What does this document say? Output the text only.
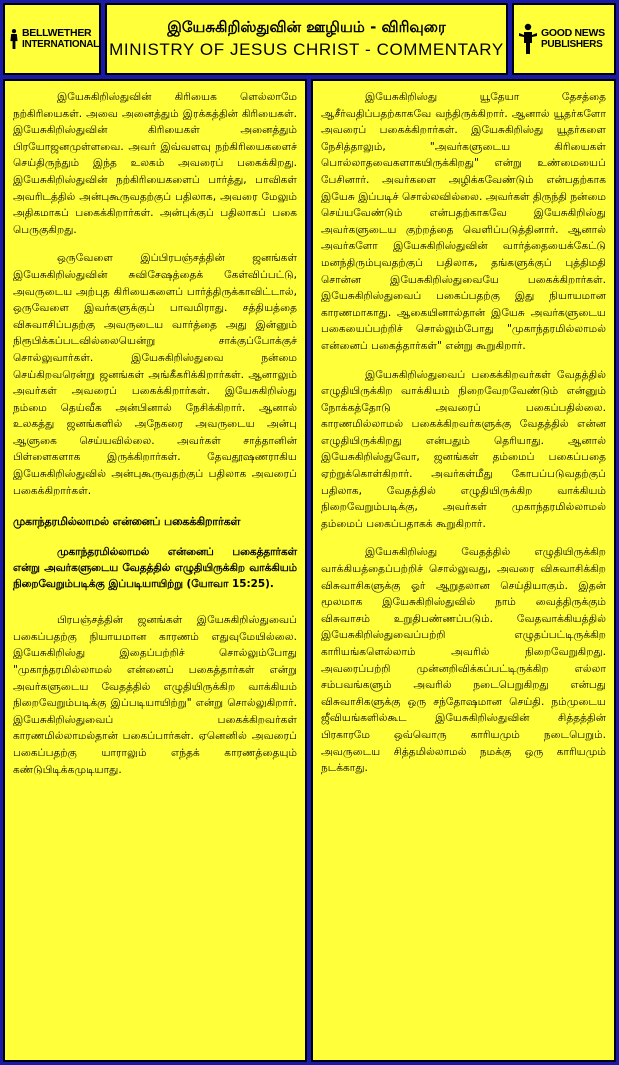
BELLWETHER
INTERNATIONAL
இயேசுகிறிஸ்துவின் ஊழியம் - விரிவுரை
MINISTRY OF JESUS CHRIST - COMMENTARY
GOOD NEWS
PUBLISHERS

இயேசுகிறிஸ்துவின் கிரியைக ளெல்லாமே நற்கிரியைகள். அவை அனைத்தும் இரக்கத்தின் கிரியைகள். இயேசுகிறிஸ்துவின் கிரியைகள் அனைத்தும் பிரயோஜனமுள்ளவை. அவர் இவ்வளவு நற்கிரியைகளைச் செய்திருந்தும் இந்த உலகம் அவரைப் பகைக்கிறது. இயேசுகிறிஸ்துவின் நற்கிரியைகளைப் பார்த்து, பாவிகள் அவரிடத்தில் அன்புகூருவதற்குப் பதிலாக, அவரை மேலும் அதிகமாகப் பகைக்கிறார்கள். அன்புக்குப் பதிலாகப் பகை பெருகுகிறது.

ஒருவேளை இப்பிரபஞ்சத்தின் ஜனங்கள் இயேசுகிறிஸ்துவின் சுவிசேஷத்தைக் கேள்விப்பட்டு, அவருடைய அற்புத கிரியைகளைப் பார்த்திருக்காவிட்டால், ஒருவேளை இவர்களுக்குப் பாவமிராது. சத்தியத்தை விசுவாசிப்பதற்கு அவருடைய வார்த்தை அது இன்னும் நிரூபிக்கப்படவில்லையென்று சாக்குப்போக்குச் சொல்லுவார்கள். இயேசுகிறிஸ்துவை நன்மை செய்கிறவரென்று ஜனங்கள் அங்கீகரிக்கிறார்கள். ஆனாலும் அவர்கள் அவரைப் பகைக்கிறார்கள். இயேசுகிறிஸ்து நம்மை தெய்வீக அன்பினால் நேசிக்கிறார். ஆனால் உலகத்து ஜனங்களில் அநேகரை அவருடைய அன்பு ஆளுகை செய்யவில்லை. அவர்கள் சாத்தானின் பிள்ளைகளாக இருக்கிறார்கள். தேவதூஷணராகிய இயேசுகிறிஸ்துவில் அன்புகூருவதற்குப் பதிலாக அவரைப் பகைக்கிறார்கள்.

முகாந்தரமில்லாமல் என்னைப் பகைக்கிறார்கள்

முகாந்தரமில்லாமல் என்னைப் பகைத்தார்கள் என்று அவர்களுடைய வேதத்தில் எழுதியிருக்கிற வாக்கியம் நிறைவேறும்படிக்கு இப்படியாயிற்று (யோவா 15:25).

பிரபஞ்சத்தின் ஜனங்கள் இயேசுகிறிஸ்துவைப் பகைப்பதற்கு நியாயமான காரணம் எதுவுமேயில்லை. இயேசுகிறிஸ்து இதைப்பற்றிச் சொல்லும்போது "முகாந்தரமில்லாமல் என்னைப் பகைத்தார்கள் என்று அவர்களுடைய வேதத்தில் எழுதியிருக்கிற வாக்கியம் நிறைவேறும்படிக்கு இப்படியாயிற்று" என்று சொல்லுகிறார். இயேசுகிறிஸ்துவைப் பகைக்கிறவர்கள் காரணமில்லாமல்தான் பகைப்பார்கள். ஏனெனில் அவரைப் பகைப்பதற்கு யாராலும் எந்தக் காரணத்தையும் கண்டுபிடிக்கமுடியாது.

இயேசுகிறிஸ்து யூதேயா தேசத்தை ஆசீர்வதிப்பதற்காகவே வந்திருக்கிறார். ஆனால் யூதர்களோ அவரைப் பகைக்கிறார்கள். இயேசுகிறிஸ்து யூதர்களை நேசித்தாலும், "அவர்களுடைய கிரியைகள் பொல்லாதவைகளாகயிருக்கிறது" என்று உண்மையைப் பேசினார். அவர்களை அழிக்கவேண்டும் என்பதற்காக இயேசு இப்படிச் சொல்லவில்லை. அவர்கள் திருந்தி நன்மை செய்யவேண்டும் என்பதற்காகவே இயேசுகிறிஸ்து அவர்களுடைய குற்றத்தை வெளிப்படுத்தினார். ஆனால் அவர்களோ இயேசுகிறிஸ்துவின் வார்த்தையைக்கேட்டு மனந்திரும்புவதற்குப் பதிலாக, தங்களுக்குப் புத்திமதி சொன்ன இயேசுகிறிஸ்துவையே பகைக்கிறார்கள். இயேசுகிறிஸ்துவைப் பகைப்பதற்கு இது நியாயமான காரணமாகாது. ஆகையினால்தான் இயேசு அவர்களுடைய பகையைப்பற்றிச் சொல்லும்போது "முகாந்தரமில்லாமல் என்னைப் பகைத்தார்கள்" என்று கூறுகிறார்.

இயேசுகிறிஸ்துவைப் பகைக்கிறவர்கள் வேதத்தில் எழுதியிருக்கிற வாக்கியம் நிறைவேறவேண்டும் என்னும் நோக்கத்தோடு அவரைப் பகைப்பதில்லை. காரணமில்லாமல் பகைக்கிறவர்களுக்கு வேதத்தில் என்ன எழுதியிருக்கிறது என்பதும் தெரியாது. ஆனால் இயேசுகிறிஸ்துவோ, ஜனங்கள் தம்மைப் பகைப்பதை ஏற்றுக்கொள்கிறார். அவர்கள்மீது கோபப்படுவதற்குப் பதிலாக, வேதத்தில் எழுதியிருக்கிற வாக்கியம் நிறைவேறும்படிக்கு, அவர்கள் முகாந்தரமில்லாமல் தம்மைப் பகைப்பதாகக் கூறுகிறார்.

இயேசுகிறிஸ்து வேதத்தில் எழுதியிருக்கிற வாக்கியத்தைப்பற்றிச் சொல்லுவது, அவரை விசுவாசிக்கிற விசுவாசிகளுக்கு ஓர் ஆறுதலான செய்தியாகும். இதன் மூலமாக இயேசுகிறிஸ்துவில் நாம் வைத்திருக்கும் விசுவாசம் உறுதிபண்ணப்படும். வேதவாக்கியத்தில் இயேசுகிறிஸ்துவைப்பற்றி எழுதப்பட்டிருக்கிற காரியங்களெல்லாம் அவரில் நிறைவேறுகிறது. அவரைப்பற்றி முன்னறிவிக்கப்பட்டிருக்கிற எல்லா சம்பவங்களும் அவரில் நடைபெறுகிறது என்பது விசுவாசிகளுக்கு ஒரு சந்தோஷமான செய்தி. நம்முடைய ஜீவியங்களில்கூட இயேசுகிறிஸ்துவின் சித்தத்தின் பிரகாரமே ஒவ்வொரு காரியமும் நடைபெறும். அவருடைய சித்தமில்லாமல் நமக்கு ஒரு காரியமும் நடக்காது.
